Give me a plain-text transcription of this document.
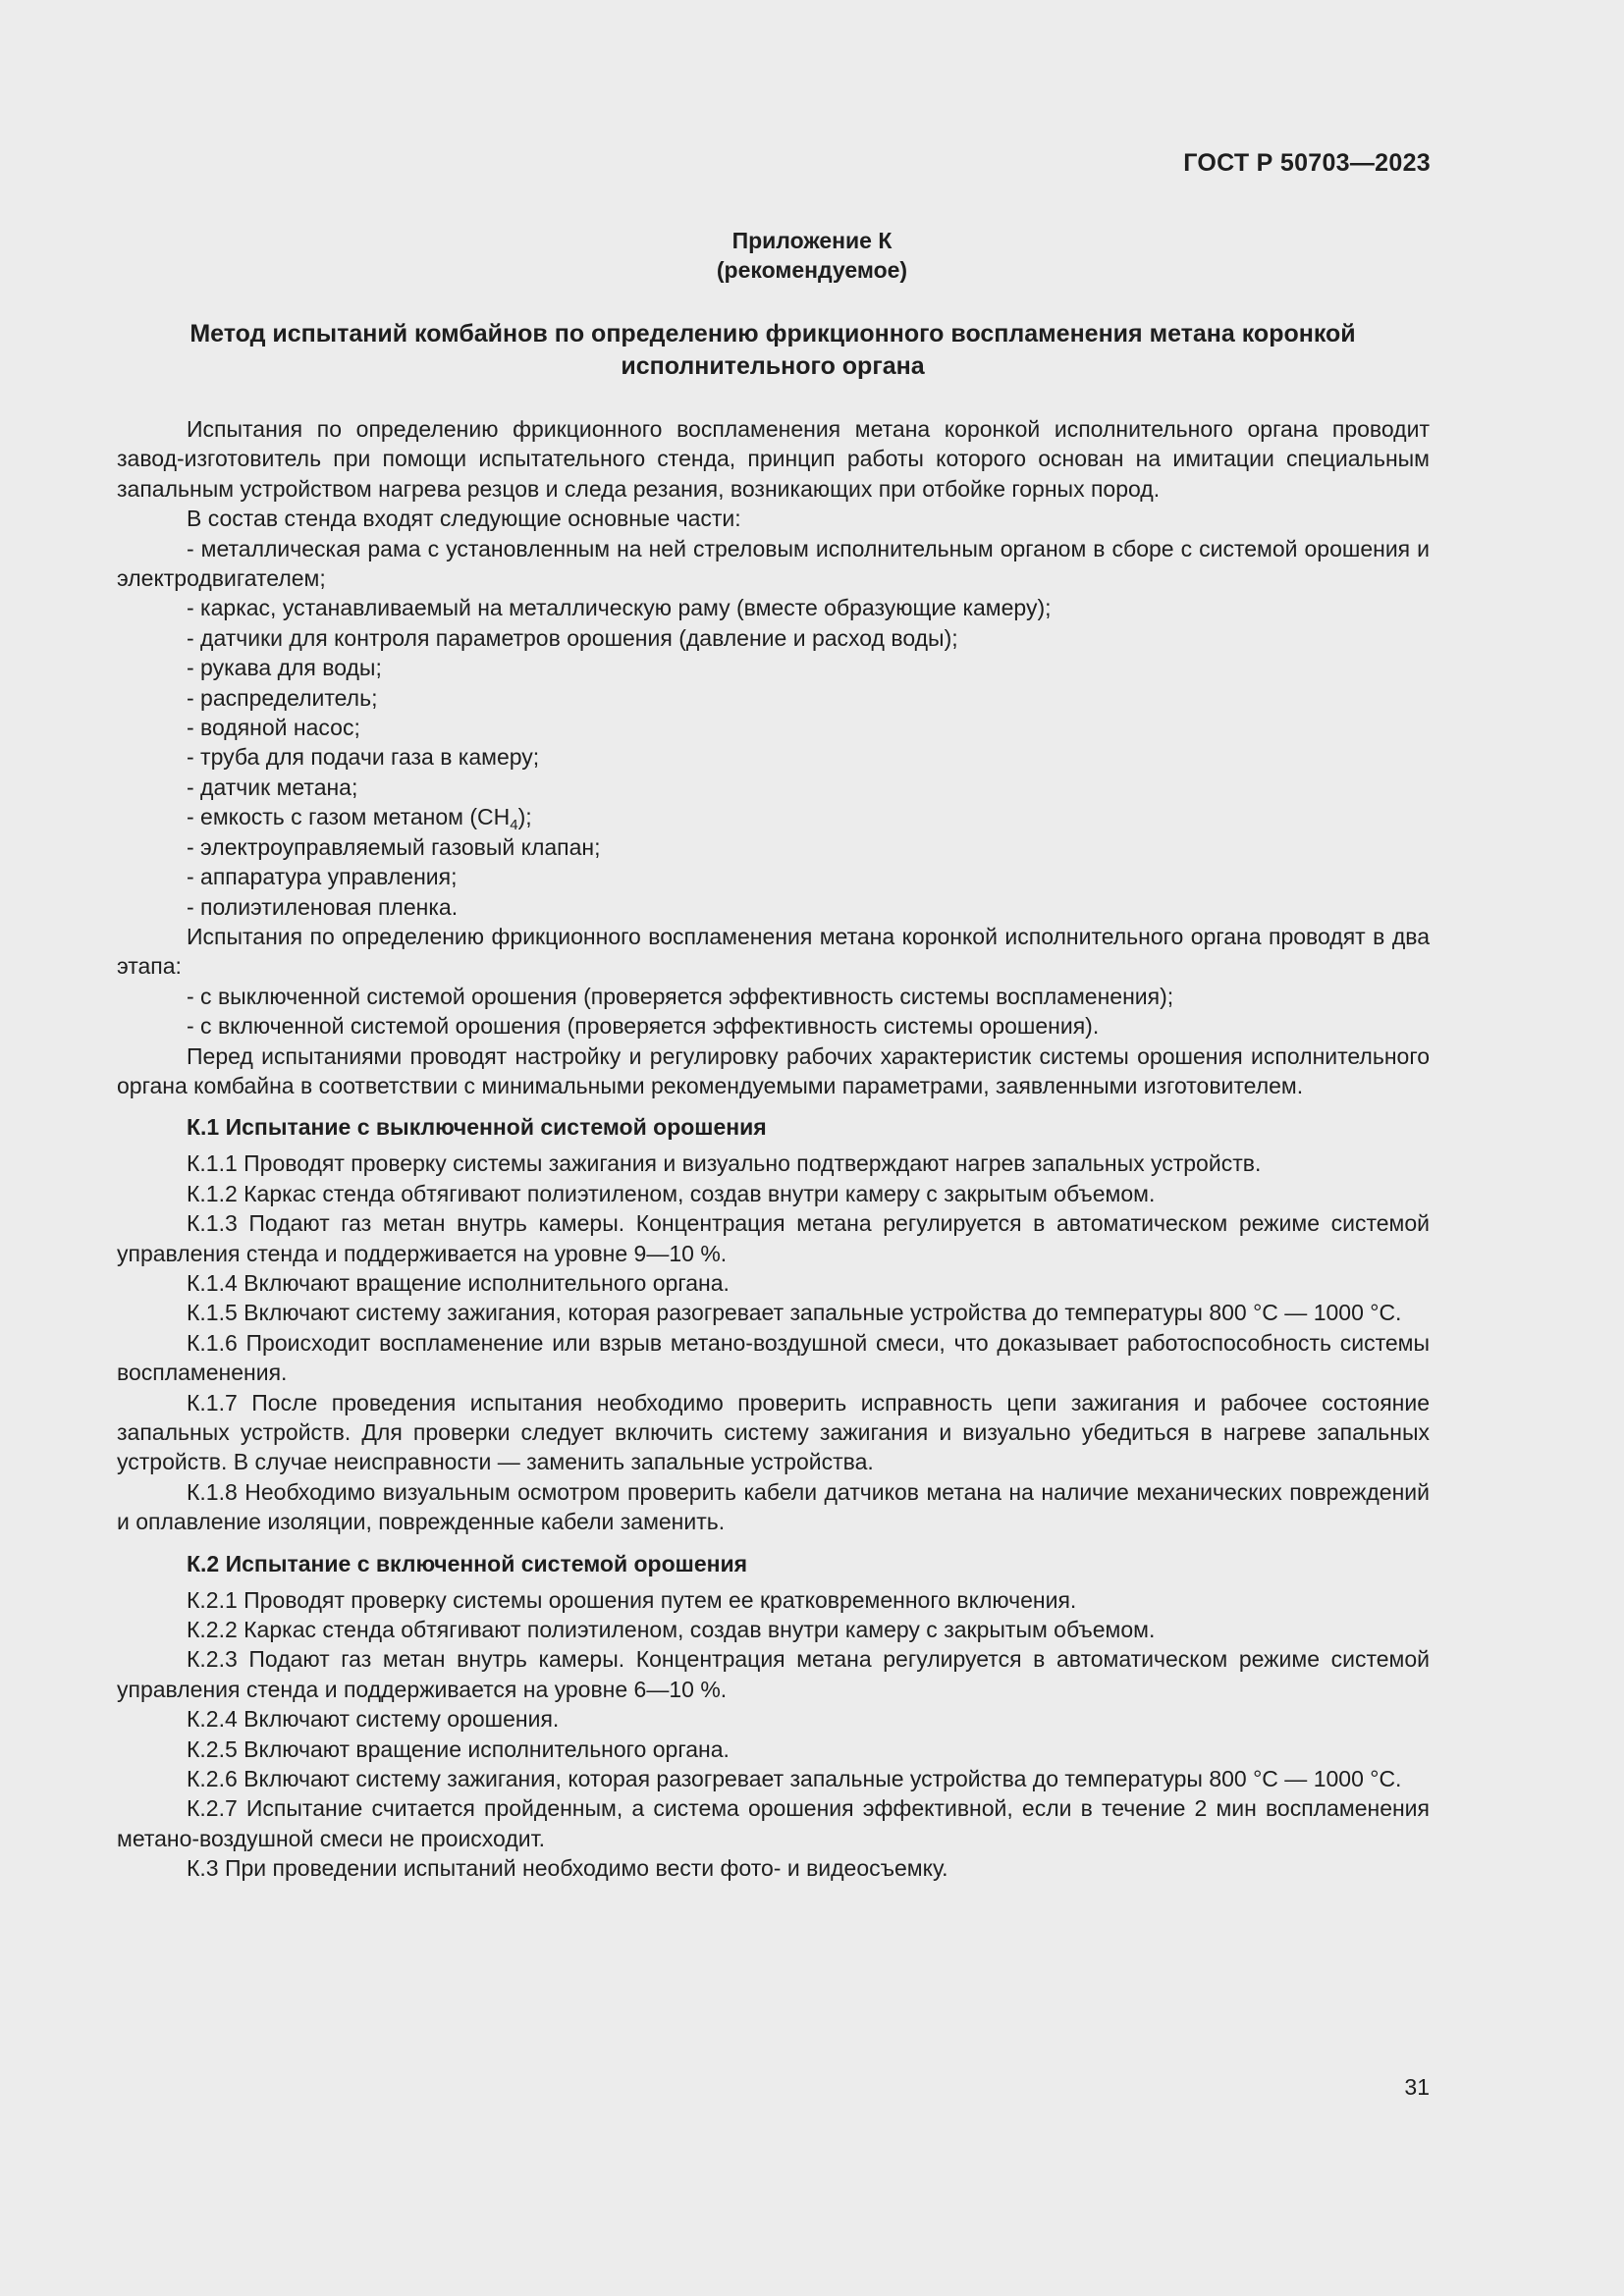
ГОСТ Р 50703—2023
Приложение К
(рекомендуемое)
Метод испытаний комбайнов по определению фрикционного воспламенения метана коронкой исполнительного органа

Испытания по определению фрикционного воспламенения метана коронкой исполнительного органа проводит завод-изготовитель при помощи испытательного стенда, принцип работы которого основан на имитации специальным запальным устройством нагрева резцов и следа резания, возникающих при отбойке горных пород.

В состав стенда входят следующие основные части:

- металлическая рама с установленным на ней стреловым исполнительным органом в сборе с системой орошения и электродвигателем;

- каркас, устанавливаемый на металлическую раму (вместе образующие камеру);

- датчики для контроля параметров орошения (давление и расход воды);

- рукава для воды;

- распределитель;

- водяной насос;

- труба для подачи газа в камеру;

- датчик метана;

- емкость с газом метаном $(CH_4)$;

- электроуправляемый газовый клапан;

- аппаратура управления;

- полиэтиленовая пленка.

Испытания по определению фрикционного воспламенения метана коронкой исполнительного органа проводят в два этапа:

- с выключенной системой орошения (проверяется эффективность системы воспламенения);

- с включенной системой орошения (проверяется эффективность системы орошения).

Перед испытаниями проводят настройку и регулировку рабочих характеристик системы орошения исполнительного органа комбайна в соответствии с минимальными рекомендуемыми параметрами, заявленными изготовителем.

К.1 Испытание с выключенной системой орошения

К.1.1 Проводят проверку системы зажигания и визуально подтверждают нагрев запальных устройств.

К.1.2 Каркас стенда обтягивают полиэтиленом, создав внутри камеру с закрытым объемом.

К.1.3 Подают газ метан внутрь камеры. Концентрация метана регулируется в автоматическом режиме системой управления стенда и поддерживается на уровне 9—10 %.

К.1.4 Включают вращение исполнительного органа.

К.1.5 Включают систему зажигания, которая разогревает запальные устройства до температуры 800 °C — 1000 °C.

К.1.6 Происходит воспламенение или взрыв метано-воздушной смеси, что доказывает работоспособность системы воспламенения.

К.1.7 После проведения испытания необходимо проверить исправность цепи зажигания и рабочее состояние запальных устройств. Для проверки следует включить систему зажигания и визуально убедиться в нагреве запальных устройств. В случае неисправности — заменить запальные устройства.

К.1.8 Необходимо визуальным осмотром проверить кабели датчиков метана на наличие механических повреждений и оплавление изоляции, поврежденные кабели заменить.

К.2 Испытание с включенной системой орошения

К.2.1 Проводят проверку системы орошения путем ее кратковременного включения.

К.2.2 Каркас стенда обтягивают полиэтиленом, создав внутри камеру с закрытым объемом.

К.2.3 Подают газ метан внутрь камеры. Концентрация метана регулируется в автоматическом режиме системой управления стенда и поддерживается на уровне 6—10 %.

К.2.4 Включают систему орошения.

К.2.5 Включают вращение исполнительного органа.

К.2.6 Включают систему зажигания, которая разогревает запальные устройства до температуры 800 °C — 1000 °C.

К.2.7 Испытание считается пройденным, а система орошения эффективной, если в течение 2 мин воспламенения метано-воздушной смеси не происходит.

К.3 При проведении испытаний необходимо вести фото- и видеосъемку.

31
